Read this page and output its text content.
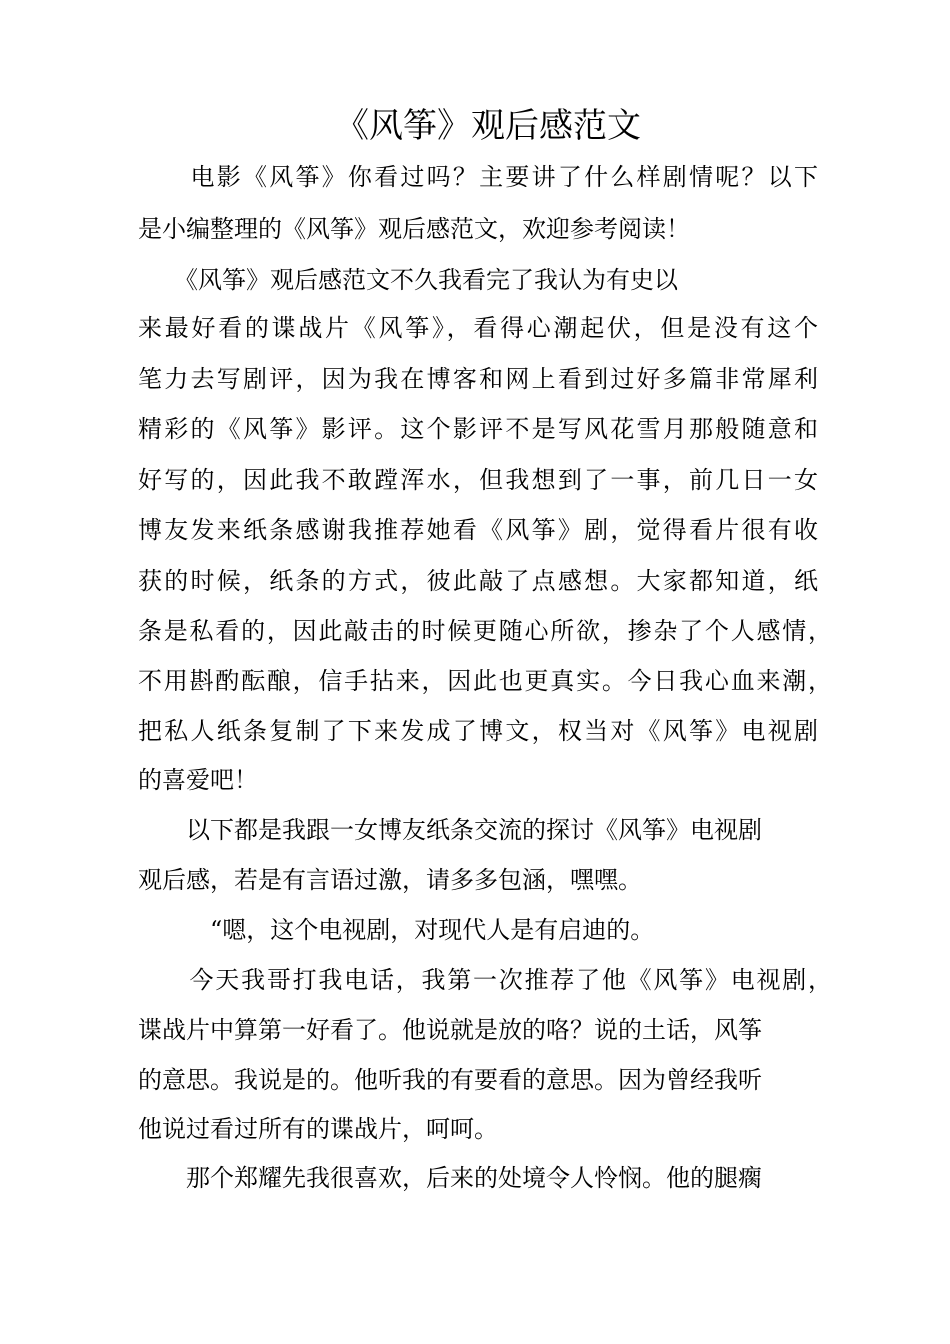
《风筝》观后感范文
　　电影《风筝》你看过吗？主要讲了什么样剧情呢？以下
是小编整理的《风筝》观后感范文，欢迎参考阅读！
　　《风筝》观后感范文不久我看完了我认为有史以
来最好看的谍战片《风筝》，看得心潮起伏，但是没有这个
笔力去写剧评，因为我在博客和网上看到过好多篇非常犀利
精彩的《风筝》影评。这个影评不是写风花雪月那般随意和
好写的，因此我不敢蹚浑水，但我想到了一事，前几日一女
博友发来纸条感谢我推荐她看《风筝》剧，觉得看片很有收
获的时候，纸条的方式，彼此敲了点感想。大家都知道，纸
条是私看的，因此敲击的时候更随心所欲，掺杂了个人感情，
不用斟酌酝酿，信手拈来，因此也更真实。今日我心血来潮，
把私人纸条复制了下来发成了博文，权当对《风筝》电视剧
的喜爱吧！
　　以下都是我跟一女博友纸条交流的探讨《风筝》电视剧
观后感，若是有言语过激，请多多包涵，嘿嘿。
　　“嗯，这个电视剧，对现代人是有启迪的。
　　今天我哥打我电话，我第一次推荐了他《风筝》电视剧，
谍战片中算第一好看了。他说就是放的咯？说的土话，风筝
的意思。我说是的。他听我的有要看的意思。因为曾经我听
他说过看过所有的谍战片，呵呵。
　　那个郑耀先我很喜欢，后来的处境令人怜悯。他的腿瘸
